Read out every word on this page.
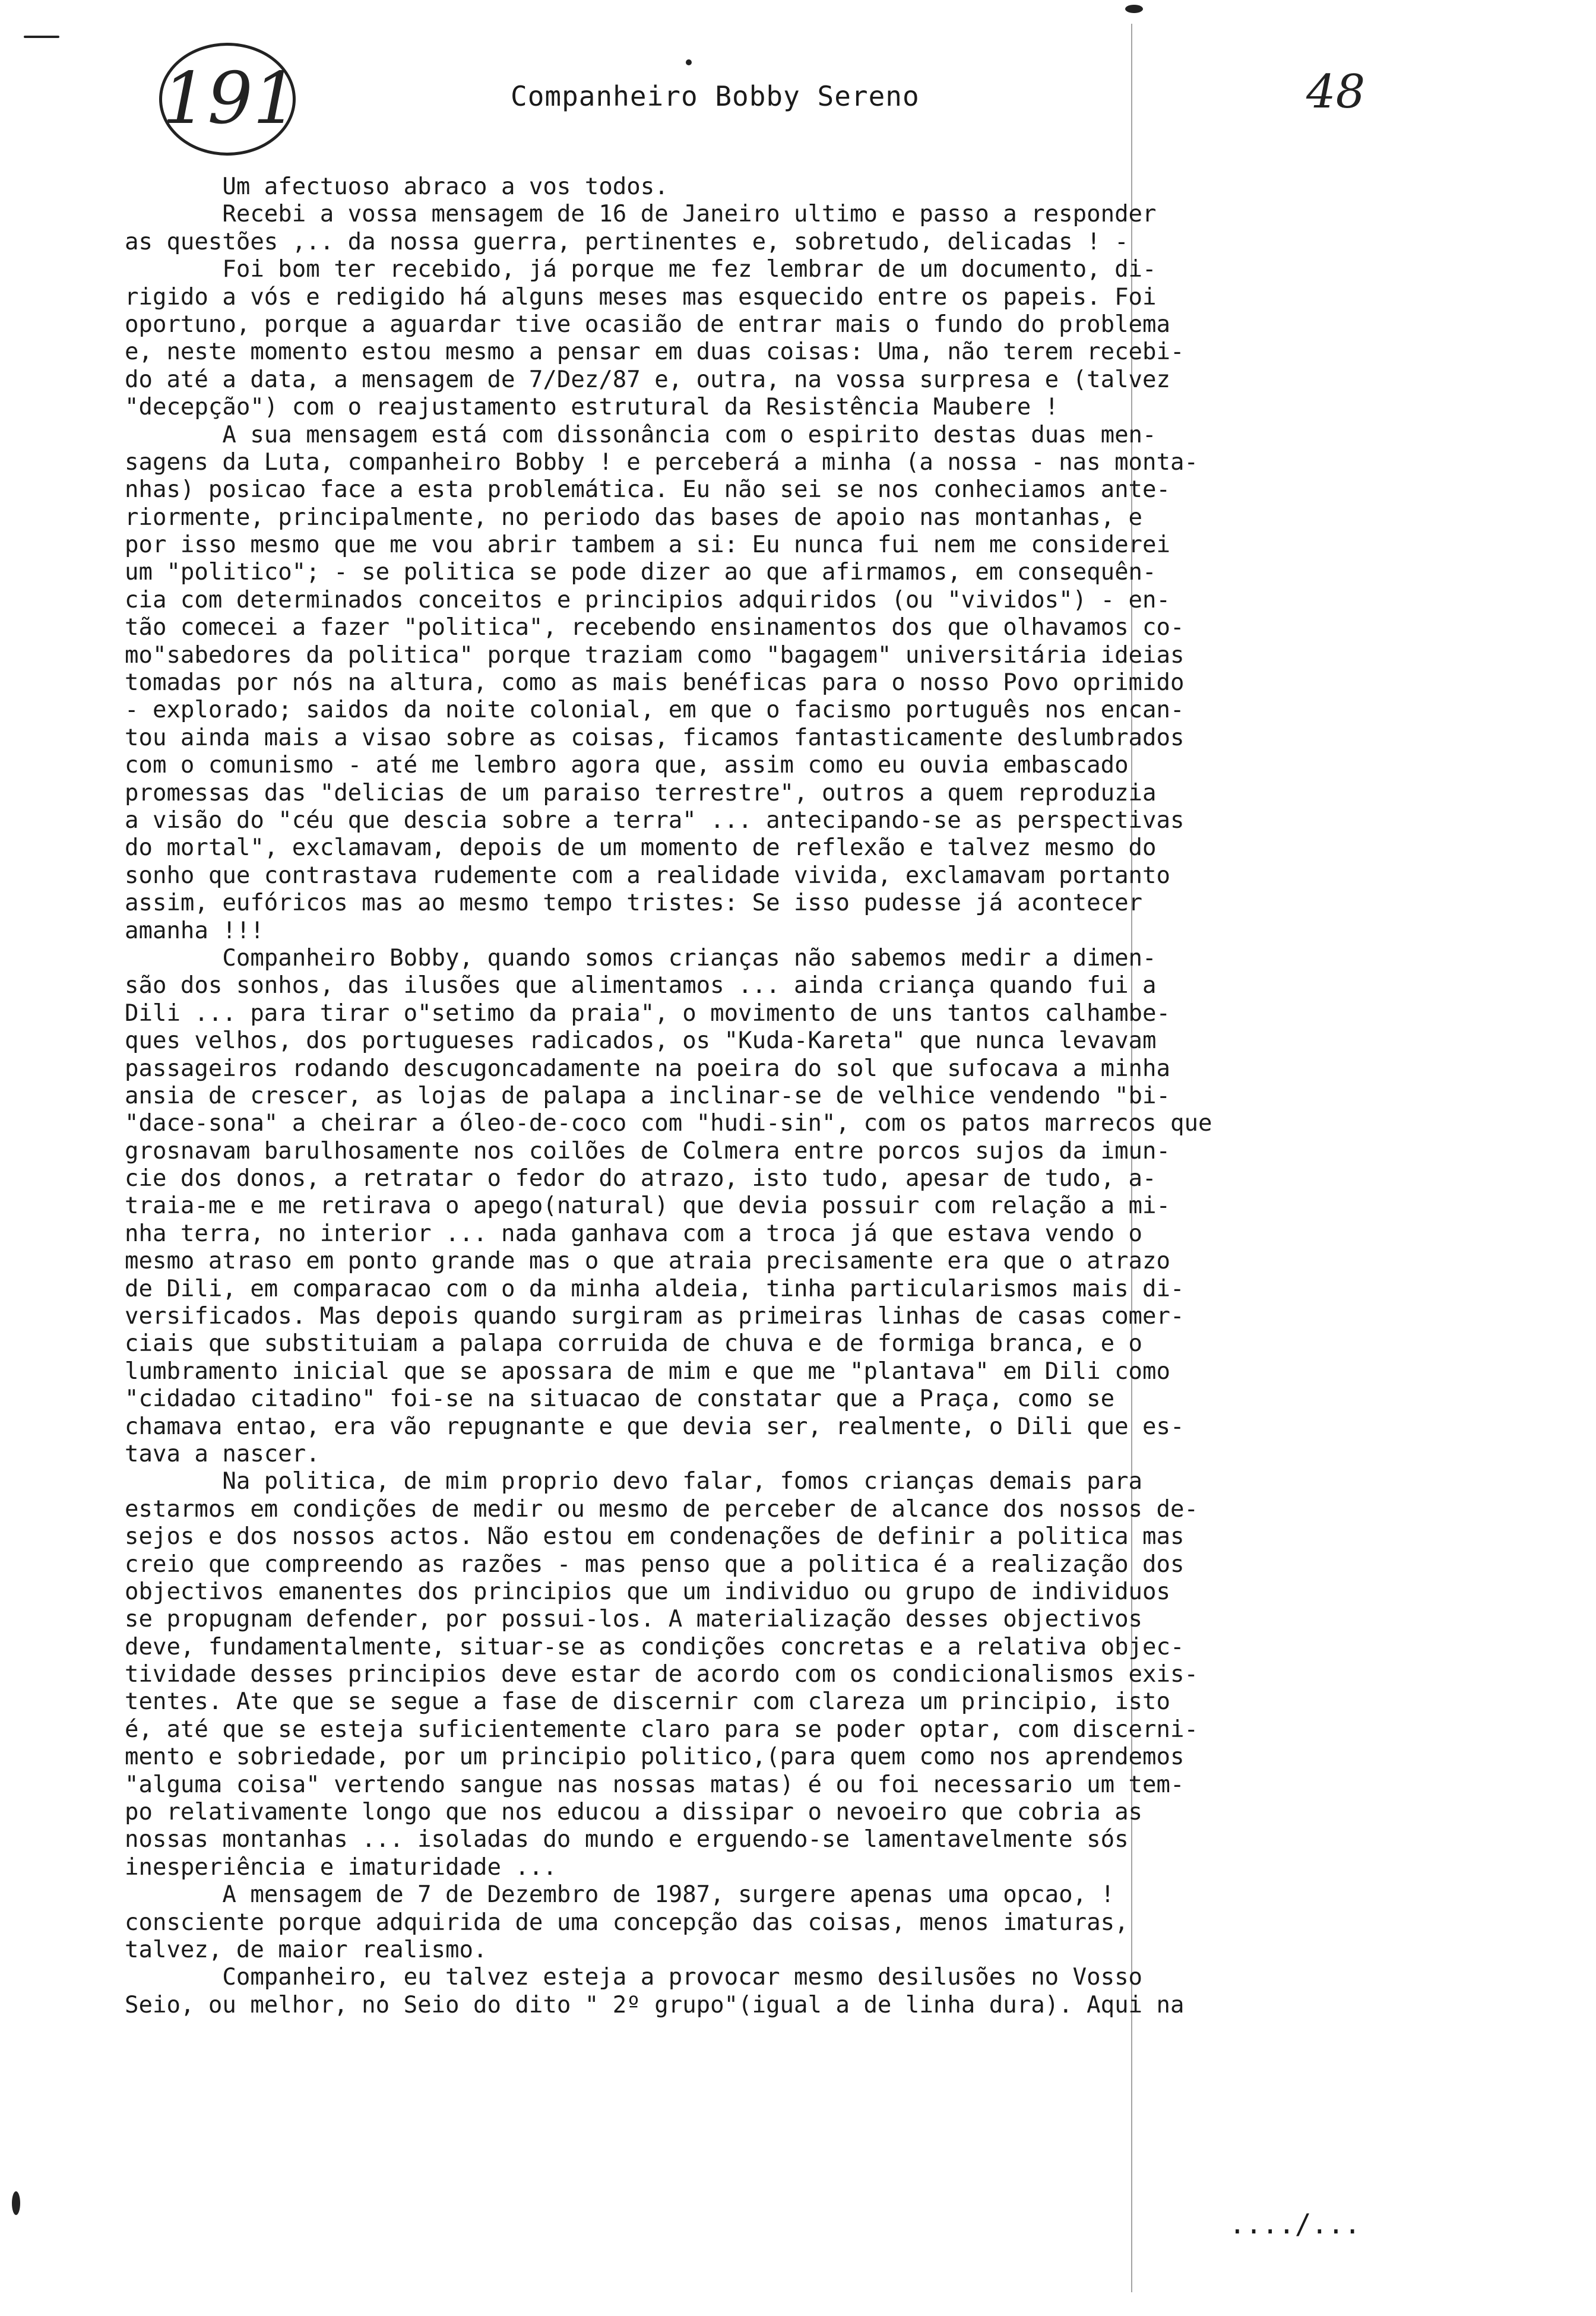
191	Companheiro Bobby Sereno	48
Um afectuoso abraco a vos todos.
Recebi a vossa mensagem de 16 de Janeiro ultimo e passo a responder
as questões ,.. da nossa guerra, pertinentes e, sobretudo, delicadas ! -
Foi bom ter recebido, já porque me fez lembrar de um documento, di-
rigido a vós e redigido há alguns meses mas esquecido entre os papeis. Foi
oportuno, porque a aguardar tive ocasião de entrar mais o fundo do problema
e, neste momento estou mesmo a pensar em duas coisas: Uma, não terem recebi-
do até a data, a mensagem de 7/Dez/87 e, outra, na vossa surpresa e (talvez
"decepção") com o reajustamento estrutural da Resistência Maubere !
A sua mensagem está com dissonância com o espirito destas duas men-
sagens da Luta, companheiro Bobby ! e perceberá a minha (a nossa - nas monta-
nhas) posicao face a esta problemática. Eu não sei se nos conheciamos ante-
riormente, principalmente, no periodo das bases de apoio nas montanhas, e
por isso mesmo que me vou abrir tambem a si: Eu nunca fui nem me considerei
um "politico"; - se politica se pode dizer ao que afirmamos, em consequên-
cia com determinados conceitos e principios adquiridos (ou "vividos") - en-
tão comecei a fazer "politica", recebendo ensinamentos dos que olhavamos co-
mo"sabedores da politica" porque traziam como "bagagem" universitária ideias
tomadas por nós na altura, como as mais benéficas para o nosso Povo oprimido
- explorado; saidos da noite colonial, em que o facismo português nos encan-
tou ainda mais a visao sobre as coisas, ficamos fantasticamente deslumbrados
com o comunismo - até me lembro agora que, assim como eu ouvia embascado
promessas das "delicias de um paraiso terrestre", outros a quem reproduzia
a visão do "céu que descia sobre a terra" ... antecipando-se as perspectivas
do mortal", exclamavam, depois de um momento de reflexão e talvez mesmo do
sonho que contrastava rudemente com a realidade vivida, exclamavam portanto
assim, eufóricos mas ao mesmo tempo tristes: Se isso pudesse já acontecer
amanha !!!
Companheiro Bobby, quando somos crianças não sabemos medir a dimen-
são dos sonhos, das ilusões que alimentamos ... ainda criança quando fui a
Dili ... para tirar o"setimo da praia", o movimento de uns tantos calhambe-
ques velhos, dos portugueses radicados, os "Kuda-Kareta" que nunca levavam
passageiros rodando descugoncadamente na poeira do sol que sufocava a minha
ansia de crescer, as lojas de palapa a inclinar-se de velhice vendendo "bi-
"dace-sona" a cheirar a óleo-de-coco com "hudi-sin", com os patos marrecos que
grosnavam barulhosamente nos coilões de Colmera entre porcos sujos da imun-
cie dos donos, a retratar o fedor do atrazo, isto tudo, apesar de tudo, a-
traia-me e me retirava o apego(natural) que devia possuir com relação a mi-
nha terra, no interior ... nada ganhava com a troca já que estava vendo o
mesmo atraso em ponto grande mas o que atraia precisamente era que o atrazo
de Dili, em comparacao com o da minha aldeia, tinha particularismos mais di-
versificados. Mas depois quando surgiram as primeiras linhas de casas comer-
ciais que substituiam a palapa corruida de chuva e de formiga branca, e o
lumbramento inicial que se apossara de mim e que me "plantava" em Dili como
"cidadao citadino" foi-se na situacao de constatar que a Praça, como se
chamava entao, era vão repugnante e que devia ser, realmente, o Dili que es-
tava a nascer.
Na politica, de mim proprio devo falar, fomos crianças demais para
estarmos em condições de medir ou mesmo de perceber de alcance dos nossos de-
sejos e dos nossos actos. Não estou em condenações de definir a politica mas
creio que compreendo as razões - mas penso que a politica é a realização dos
objectivos emanentes dos principios que um individuo ou grupo de individuos
se propugnam defender, por possui-los. A materialização desses objectivos
deve, fundamentalmente, situar-se as condições concretas e a relativa objec-
tividade desses principios deve estar de acordo com os condicionalismos exis-
tentes. Ate que se segue a fase de discernir com clareza um principio, isto
é, até que se esteja suficientemente claro para se poder optar, com discerni-
mento e sobriedade, por um principio politico,(para quem como nos aprendemos
"alguma coisa" vertendo sangue nas nossas matas) é ou foi necessario um tem-
po relativamente longo que nos educou a dissipar o nevoeiro que cobria as
nossas montanhas ... isoladas do mundo e erguendo-se lamentavelmente sós
inesperiência e imaturidade ...
A mensagem de 7 de Dezembro de 1987, surgere apenas uma opcao, !
consciente porque adquirida de uma concepção das coisas, menos imaturas,
talvez, de maior realismo.
Companheiro, eu talvez esteja a provocar mesmo desilusões no Vosso
Seio, ou melhor, no Seio do dito " 2º grupo"(igual a de linha dura). Aqui na
..../...
